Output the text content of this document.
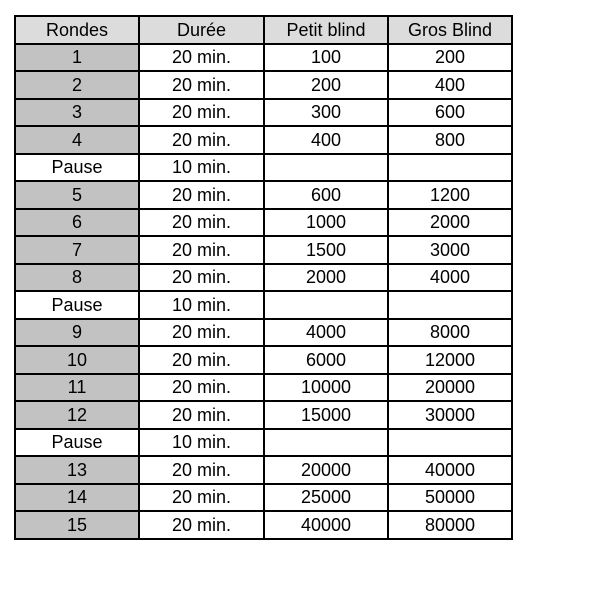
Rondes	Durée	Petit blind	Gros Blind
1	20 min.	100	200
2	20 min.	200	400
3	20 min.	300	600
4	20 min.	400	800
Pause	10 min.		
5	20 min.	600	1200
6	20 min.	1000	2000
7	20 min.	1500	3000
8	20 min.	2000	4000
Pause	10 min.		
9	20 min.	4000	8000
10	20 min.	6000	12000
11	20 min.	10000	20000
12	20 min.	15000	30000
Pause	10 min.		
13	20 min.	20000	40000
14	20 min.	25000	50000
15	20 min.	40000	80000
